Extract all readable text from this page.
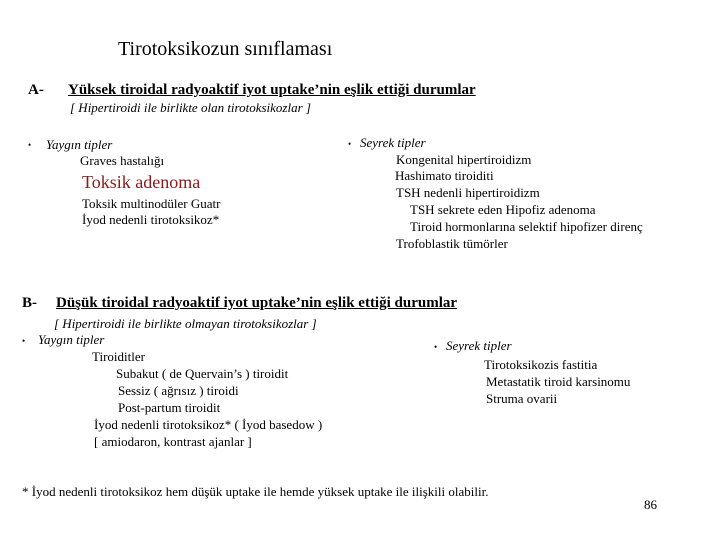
Tirotoksikozun sınıflaması
A- Yüksek tiroidal radyoaktif iyot uptake’nin eşlik ettiği durumlar
[ Hipertiroidi ile birlikte olan tirotoksikozlar ]
• Yaygın tipler
Graves hastalığı
Toksik adenoma
Toksik multinodüler Guatr
İyod nedenli tirotoksikoz*
• Seyrek tipler
Kongenital hipertiroidizm
Hashimato tiroiditi
TSH nedenli hipertiroidizm
TSH sekrete eden Hipofiz adenoma
Tiroid hormonlarına selektif hipofizer direnç
Trofoblastik tümörler
B- Düşük tiroidal radyoaktif iyot uptake’nin eşlik ettiği durumlar
[ Hipertiroidi ile birlikte olmayan tirotoksikozlar ]
• Yaygın tipler
Tiroiditler
Subakut ( de Quervain’s ) tiroidit
Sessiz ( ağrısız ) tiroidi
Post-partum tiroidit
İyod nedenli tirotoksikoz* ( İyod basedow )
[ amiodaron, kontrast ajanlar ]
• Seyrek tipler
Tirotoksikozis fastitia
Metastatik tiroid karsinomu
Struma ovarii
* İyod nedenli tirotoksikoz hem düşük uptake ile hemde yüksek uptake ile ilişkili olabilir.
86
